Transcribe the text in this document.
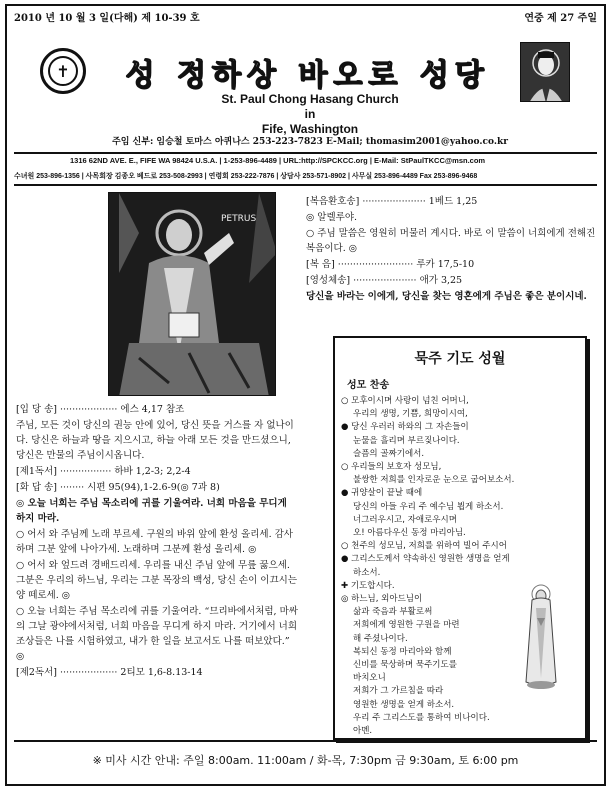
2010 년 10 월 3 일(다해) 제 10-39 호	연중 제 27 주일
✝	성 정하상 바오로 성당
St. Paul Chong Hasang Church
in
Fife, Washington
주임 신부: 임승철 토마스 아퀴나스 253-223-7823 E-Mail; thomasim2001@yahoo.co.kr
1316 62ND AVE. E., FIFE WA 98424 U.S.A. | 1-253-896-4489 | URL:http://SPCKCC.org | E-Mail: StPaulTKCC@msn.com
수녀원 253-896-1356 | 사목회장 김종오 베드로 253-508-2993 | 연령회 253-222-7876 | 상담사 253-571-8902 | 사무실 253-896-4489 Fax 253-896-9468
PETRUS
[입 당 송] ··················· 에스 4,17 참조
주님, 모든 것이 당신의 권능 안에 있어, 당신 뜻을 거스를 자 없나이다. 당신은 하늘과 땅을 지으시고, 하늘 아래 모든 것을 만드셨으니, 당신은 만물의 주님이시옵니다.
[제1독서] ················· 하바 1,2-3; 2,2-4
[화 답 송] ········ 시편 95(94),1-2.6-9(◎ 7과 8)
◎ 오늘 너희는 주님 목소리에 귀를 기울여라. 너희 마음을 무디게 하지 마라.
○ 어서 와 주님께 노래 부르세. 구원의 바위 앞에 환성 올리세. 감사하며 그분 앞에 나아가세. 노래하며 그분께 환성 올리세. ◎
○ 어서 와 엎드려 경배드리세. 우리를 내신 주님 앞에 무릎 꿇으세. 그분은 우리의 하느님, 우리는 그분 목장의 백성, 당신 손이 이끄시는 양 떼로세. ◎
○ 오늘 너희는 주님 목소리에 귀를 기울여라. “므리바에서처럼, 마싸의 그날 광야에서처럼, 너희 마음을 무디게 하지 마라. 거기에서 너희 조상들은 나를 시험하였고, 내가 한 일을 보고서도 나를 떠보았다.” ◎
[제2독서] ··················· 2티모 1,6-8.13-14
[복음환호송] ····················· 1베드 1,25
◎ 알렐루야.
○ 주님 말씀은 영원히 머물러 계시다. 바로 이 말씀이 너희에게 전해진 복음이다. ◎
[복 음] ························· 루카 17,5-10
[영성체송] ····················· 애가 3,25
당신을 바라는 이에게, 당신을 찾는 영혼에게 주님은 좋은 분이시네.
묵주 기도 성월
성모 찬송
○ 모후이시며 사랑이 넘친 어머니,
우리의 생명, 기쁨, 희망이시여,
● 당신 우러러 하와의 그 자손들이
눈물을 흘리며 부르짖나이다.
슬픔의 골짜기에서.
○ 우리들의 보호자 성모님,
불쌍한 저희를 인자로운 눈으로 굽어보소서.
● 귀양살이 끝날 때에
당신의 아들 우리 주 예수님 뵙게 하소서.
너그러우시고, 자애로우시며
오! 아름다우신 동정 마리아님.
○ 천주의 성모님, 저희를 위하여 빌어 주시어
● 그리스도께서 약속하신 영원한 생명을 얻게
하소서.
✚ 기도합시다.
◎ 하느님, 외아드님이
삶과 죽음과 부활로써
저희에게 영원한 구원을 마련
해 주셨나이다.
복되신 동정 마리아와 함께
신비를 묵상하며 묵주기도를
바치오니
저희가 그 가르침을 따라
영원한 생명을 얻게 하소서.
우리 주 그리스도를 통하여 비나이다.
아멘.
※ 미사 시간 안내: 주일 8:00am. 11:00am / 화-목, 7:30pm 금 9:30am, 토 6:00 pm
